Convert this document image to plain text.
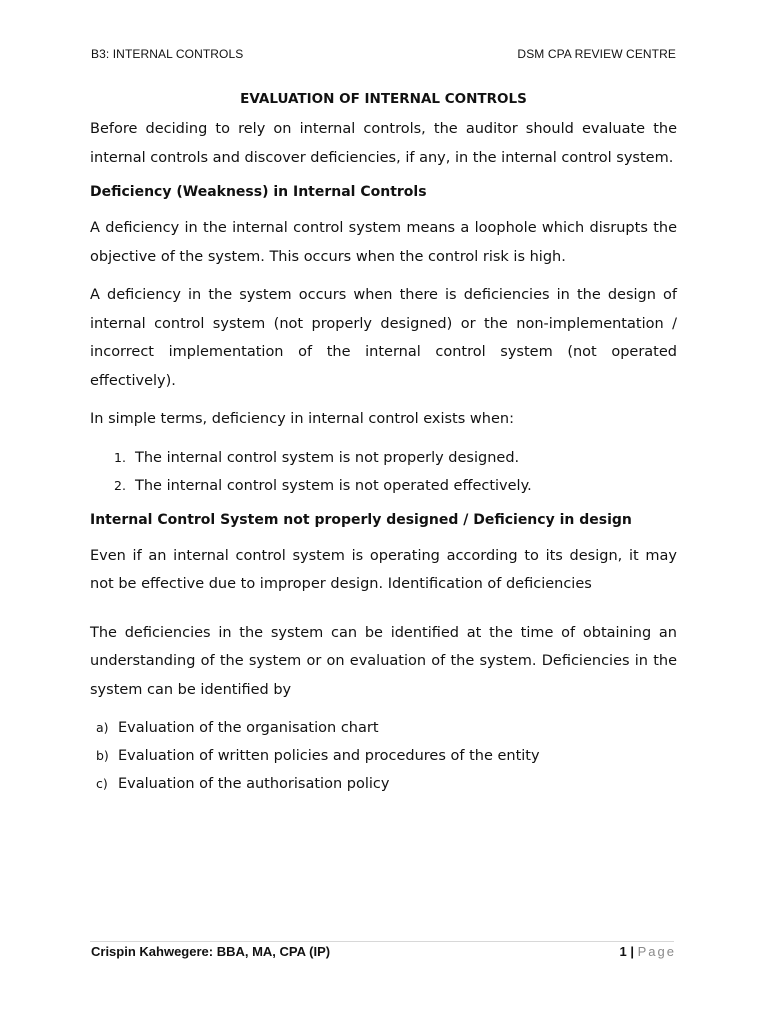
B3: INTERNAL CONTROLS	DSM CPA REVIEW CENTRE
EVALUATION OF INTERNAL CONTROLS

Before deciding to rely on internal controls, the auditor should evaluate the internal controls and discover deficiencies, if any, in the internal control system.

Deficiency (Weakness) in Internal Controls

A deficiency in the internal control system means a loophole which disrupts the objective of the system. This occurs when the control risk is high.

A deficiency in the system occurs when there is deficiencies in the design of internal control system (not properly designed) or the non-implementation / incorrect implementation of the internal control system (not operated effectively).

In simple terms, deficiency in internal control exists when:

1. The internal control system is not properly designed.
2. The internal control system is not operated effectively.
Internal Control System not properly designed / Deficiency in design

Even if an internal control system is operating according to its design, it may not be effective due to improper design. Identification of deficiencies

The deficiencies in the system can be identified at the time of obtaining an understanding of the system or on evaluation of the system. Deficiencies in the system can be identified by

a) Evaluation of the organisation chart
b) Evaluation of written policies and procedures of the entity
c) Evaluation of the authorisation policy
Crispin Kahwegere: BBA, MA, CPA (IP)	1 | Page
